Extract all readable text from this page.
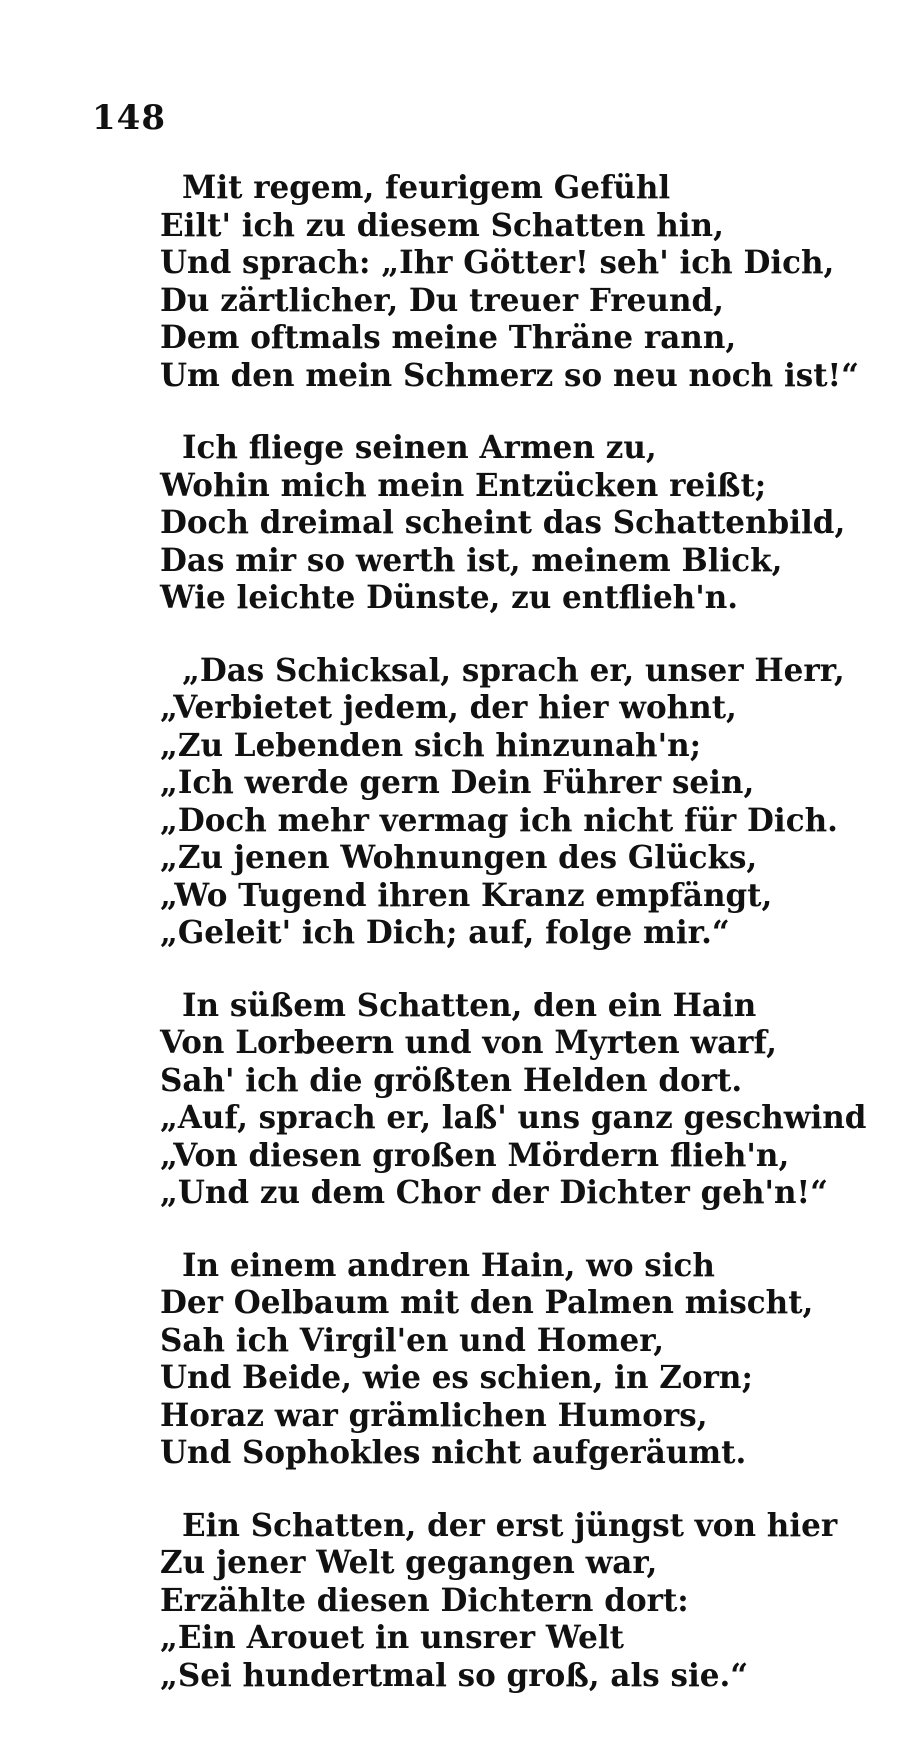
148
Mit regem, feurigem Gefühl
Eilt' ich zu diesem Schatten hin,
Und sprach: „Ihr Götter! seh' ich Dich,
Du zärtlicher, Du treuer Freund,
Dem oftmals meine Thräne rann,
Um den mein Schmerz so neu noch ist!“
Ich fliege seinen Armen zu,
Wohin mich mein Entzücken reißt;
Doch dreimal scheint das Schattenbild,
Das mir so werth ist, meinem Blick,
Wie leichte Dünste, zu entflieh'n.
„Das Schicksal, sprach er, unser Herr,
„Verbietet jedem, der hier wohnt,
„Zu Lebenden sich hinzunah'n;
„Ich werde gern Dein Führer sein,
„Doch mehr vermag ich nicht für Dich.
„Zu jenen Wohnungen des Glücks,
„Wo Tugend ihren Kranz empfängt,
„Geleit' ich Dich; auf, folge mir.“
In süßem Schatten, den ein Hain
Von Lorbeern und von Myrten warf,
Sah' ich die größten Helden dort.
„Auf, sprach er, laß' uns ganz geschwind
„Von diesen großen Mördern flieh'n,
„Und zu dem Chor der Dichter geh'n!“
In einem andren Hain, wo sich
Der Oelbaum mit den Palmen mischt,
Sah ich Virgil'en und Homer,
Und Beide, wie es schien, in Zorn;
Horaz war grämlichen Humors,
Und Sophokles nicht aufgeräumt.
Ein Schatten, der erst jüngst von hier
Zu jener Welt gegangen war,
Erzählte diesen Dichtern dort:
„Ein Arouet in unsrer Welt
„Sei hundertmal so groß, als sie.“
